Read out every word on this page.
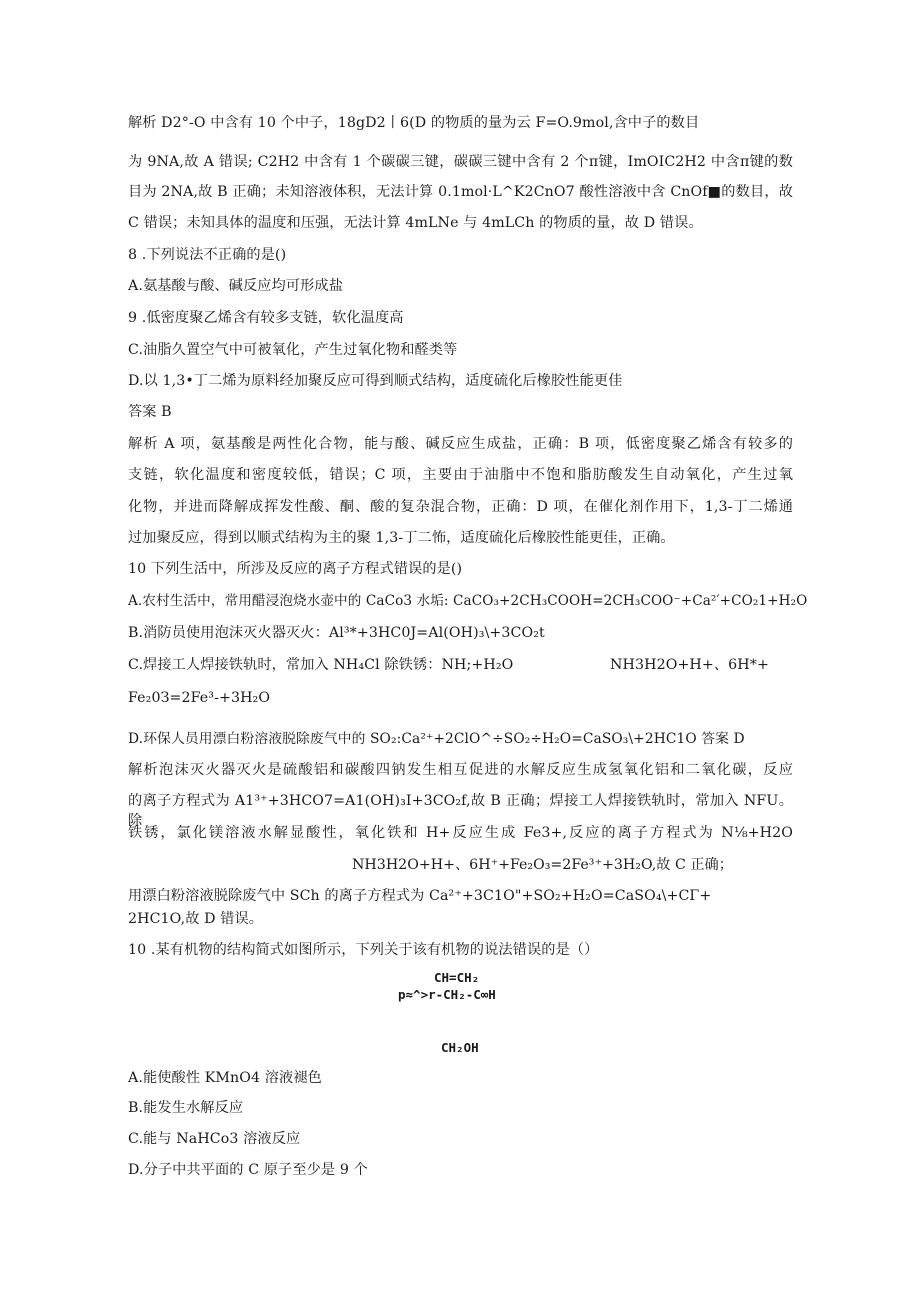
解析 D2°-O 中含有 10 个中子，18gD2丨6(D 的物质的量为云 F=O.9mol,含中子的数目
为 9NA,故 A 错误; C2H2 中含有 1 个碳碳三键，碳碳三键中含有 2 个π键，ImOIC2H2 中含π键的数
目为 2NA,故 B 正确；未知溶液体积，无法计算 0.1mol·L^K2CnO7 酸性溶液中含 CnOf■的数目，故
C 错误；未知具体的温度和压强，无法计算 4mLNe 与 4mLCh 的物质的量，故 D 错误。
8 .下列说法不正确的是()
A.氨基酸与酸、碱反应均可形成盐
9 .低密度聚乙烯含有较多支链，软化温度高
C.油脂久置空气中可被氧化，产生过氧化物和醛类等
D.以 1,3•丁二烯为原料经加聚反应可得到顺式结构，适度硫化后橡胶性能更佳
答案 B
解析 A 项，氨基酸是两性化合物，能与酸、碱反应生成盐，正确：B 项，低密度聚乙烯含有较多的
支链，软化温度和密度较低，错误；C 项，主要由于油脂中不饱和脂肪酸发生自动氧化，产生过氧
化物，并进而降解成挥发性酸、酮、酸的复杂混合物，正确：D 项，在催化剂作用下，1,3-丁二烯通
过加聚反应，得到以顺式结构为主的聚 1,3-丁二怖，适度硫化后橡胶性能更佳，正确。
10 下列生活中，所涉及反应的离子方程式错误的是()
A.农村生活中，常用醋浸泡烧水壶中的 CaCo3 水垢: CaCO₃+2CH₃COOH=2CH₃COO⁻+Ca²′+CO₂1+H₂O
B.消防员使用泡沫灭火器灭火：Al³*+3HC0J=Al(OH)₃\+3CO₂t
C.焊接工人焊接铁轨时，常加入 NH₄Cl 除铁锈：NH;+H₂O	NH3H2O+H+、6H*+
Fe₂0З=2Fe³-+3H₂O
D.环保人员用漂白粉溶液脱除废气中的 SO₂:Ca²⁺+2ClO^÷SO₂÷H₂O=CaSO₃\+2HC1O 答案 D
解析泡沫灭火器灭火是硫酸铝和碳酸四钠发生相互促进的水解反应生成氢氧化铝和二氧化碳，反应
的离子方程式为 A1³⁺+3HCO7=A1(OH)₃I+3CO₂f,故 B 正确；焊接工人焊接铁轨时，常加入 NFU。除
铁锈，氯化镁溶液水解显酸性，氧化铁和 H+反应生成 Fe3+,反应的离子方程式为 N⅛+H2O
NH3H2O+H+、6H⁺+Fe₂O₃=2Fe³⁺+3H₂O,故 C 正确；
用漂白粉溶液脱除废气中 SCh 的离子方程式为 Ca²⁺+3C1O"+SO₂+H₂O=CaSO₄\+CΓ+
2HC1O,故 D 错误。
10 .某有机物的结构简式如图所示，下列关于该有机物的说法错误的是（）
CH=CH₂
p≈^>r-CH₂-C∞H
CH₂OH
A.能使酸性 KMnO4 溶液褪色
B.能发生水解反应
C.能与 NaHCo3 溶液反应
D.分子中共平面的 C 原子至少是 9 个
